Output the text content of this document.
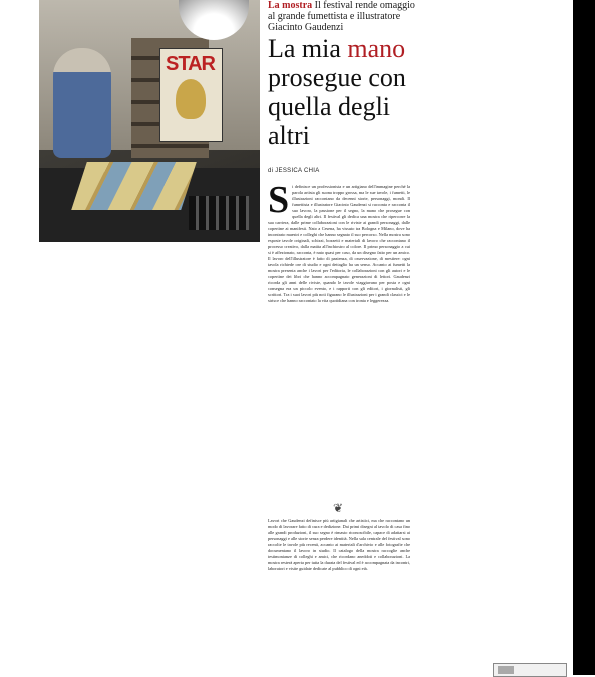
STAR
La mostra Il festival rende omaggio al grande fumettista e illustratore Giacinto Gaudenzi
La mia mano prosegue con quella degli altri
di JESSICA CHIA
S i definisce un professionista e un artigiano dell'immagine perché la parola artista gli suona troppo grossa, ma le sue tavole, i fumetti, le illustrazioni raccontano da decenni storie, personaggi, mondi. Il fumettista e illustratore Giacinto Gaudenzi si racconta e racconta il suo lavoro, la passione per il segno, la mano che prosegue con quella degli altri. Il festival gli dedica una mostra che ripercorre la sua carriera, dalle prime collaborazioni con le riviste ai grandi personaggi, dalle copertine ai manifesti. Nato a Cesena, ha vissuto tra Bologna e Milano, dove ha incontrato maestri e colleghi che hanno segnato il suo percorso. Nella mostra sono esposte tavole originali, schizzi, bozzetti e materiali di lavoro che raccontano il processo creativo, dalla matita all'inchiostro al colore. Il primo personaggio a cui si è affezionato, racconta, è nato quasi per caso, da un disegno fatto per un amico. Il lavoro dell'illustratore è fatto di pazienza, di osservazione, di mestiere: ogni tavola richiede ore di studio e ogni dettaglio ha un senso. Accanto ai fumetti la mostra presenta anche i lavori per l'editoria, le collaborazioni con gli autori e le copertine dei libri che hanno accompagnato generazioni di lettori. Gaudenzi ricorda gli anni delle riviste, quando le tavole viaggiavano per posta e ogni consegna era un piccolo evento, e i rapporti con gli editori, i giornalisti, gli scrittori. Tra i suoi lavori più noti figurano le illustrazioni per i grandi classici e le strisce che hanno raccontato la vita quotidiana con ironia e leggerezza.
❦
Lavori che Gaudenzi definisce più artigianali che artistici, ma che raccontano un modo di lavorare fatto di cura e dedizione. Dai primi disegni al tavolo di casa fino alle grandi produzioni, il suo segno è rimasto riconoscibile, capace di adattarsi ai personaggi e alle storie senza perdere identità. Nella sala centrale del festival sono raccolte le tavole più recenti, accanto ai materiali d'archivio e alle fotografie che documentano il lavoro in studio. Il catalogo della mostra raccoglie anche testimonianze di colleghi e amici, che ricordano aneddoti e collaborazioni. La mostra resterà aperta per tutta la durata del festival ed è accompagnata da incontri, laboratori e visite guidate dedicate al pubblico di ogni età.
